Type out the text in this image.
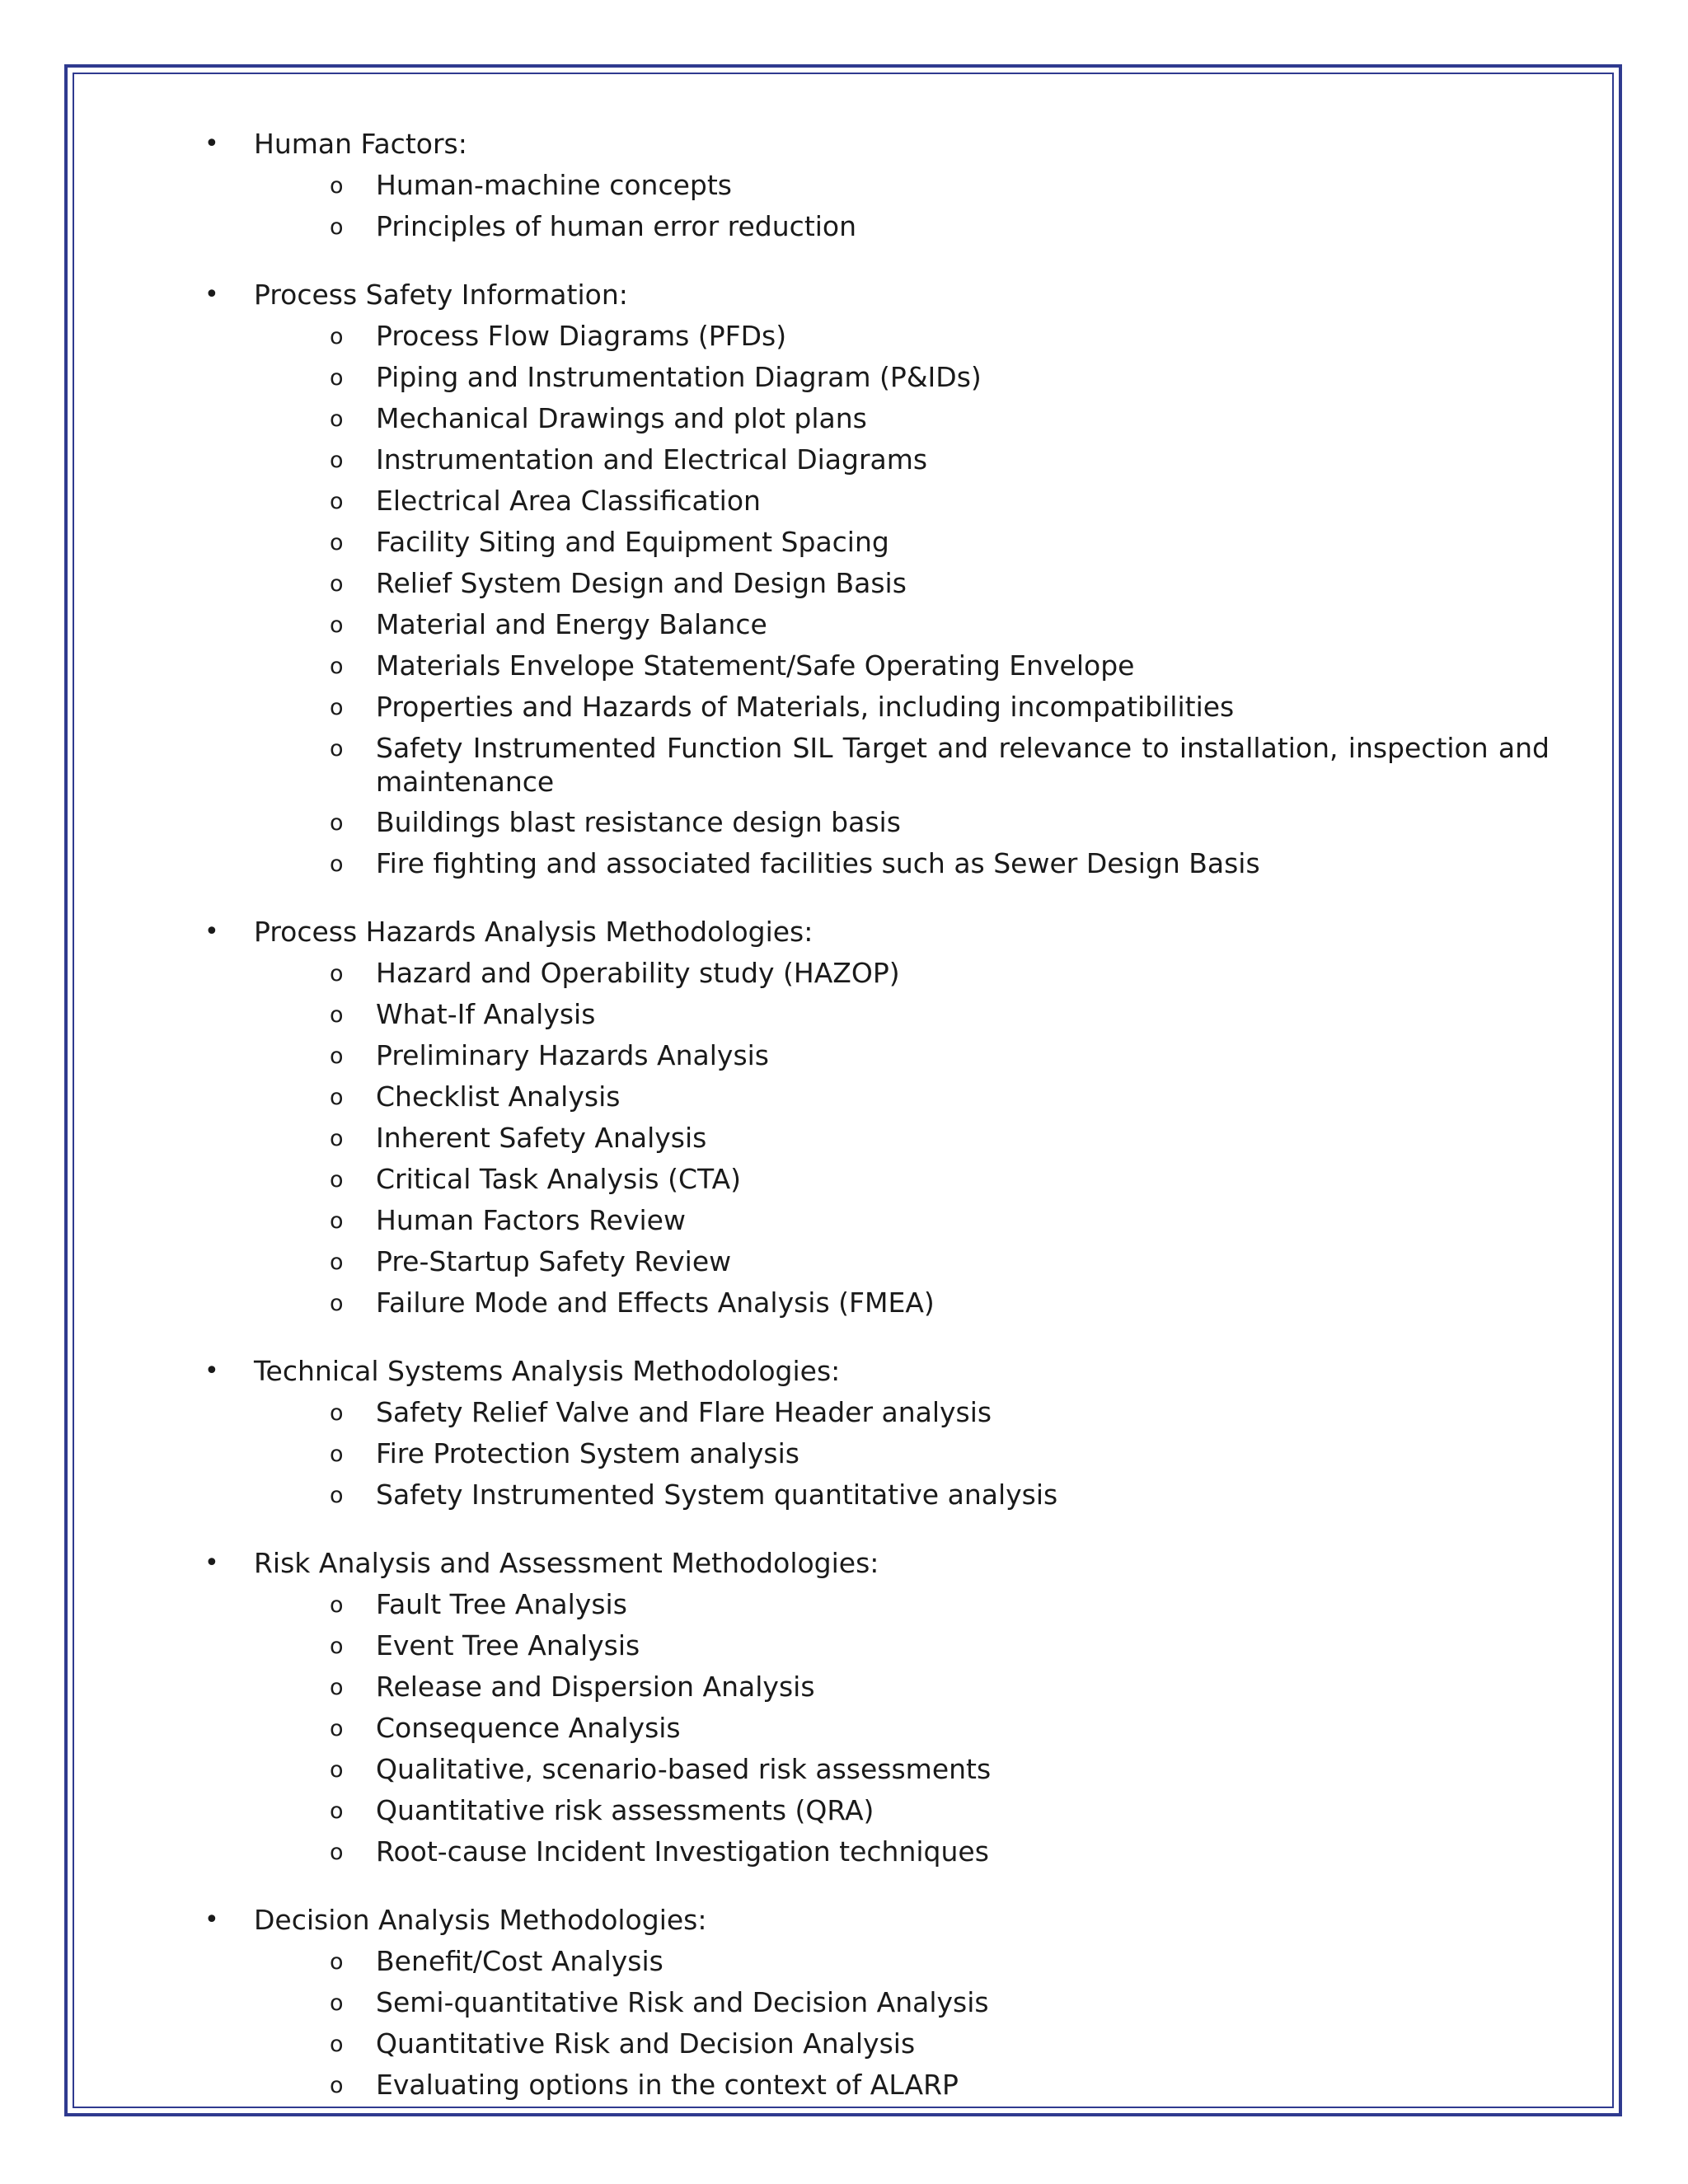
• Human Factors:
o Human-machine concepts
o Principles of human error reduction
• Process Safety Information:
o Process Flow Diagrams (PFDs)
o Piping and Instrumentation Diagram (P&IDs)
o Mechanical Drawings and plot plans
o Instrumentation and Electrical Diagrams
o Electrical Area Classification
o Facility Siting and Equipment Spacing
o Relief System Design and Design Basis
o Material and Energy Balance
o Materials Envelope Statement/Safe Operating Envelope
o Properties and Hazards of Materials, including incompatibilities
o Safety Instrumented Function SIL Target and relevance to installation, inspection and maintenance
o Buildings blast resistance design basis
o Fire fighting and associated facilities such as Sewer Design Basis
• Process Hazards Analysis Methodologies:
o Hazard and Operability study (HAZOP)
o What-If Analysis
o Preliminary Hazards Analysis
o Checklist Analysis
o Inherent Safety Analysis
o Critical Task Analysis (CTA)
o Human Factors Review
o Pre-Startup Safety Review
o Failure Mode and Effects Analysis (FMEA)
• Technical Systems Analysis Methodologies:
o Safety Relief Valve and Flare Header analysis
o Fire Protection System analysis
o Safety Instrumented System quantitative analysis
• Risk Analysis and Assessment Methodologies:
o Fault Tree Analysis
o Event Tree Analysis
o Release and Dispersion Analysis
o Consequence Analysis
o Qualitative, scenario-based risk assessments
o Quantitative risk assessments (QRA)
o Root-cause Incident Investigation techniques
• Decision Analysis Methodologies:
o Benefit/Cost Analysis
o Semi-quantitative Risk and Decision Analysis
o Quantitative Risk and Decision Analysis
o Evaluating options in the context of ALARP
